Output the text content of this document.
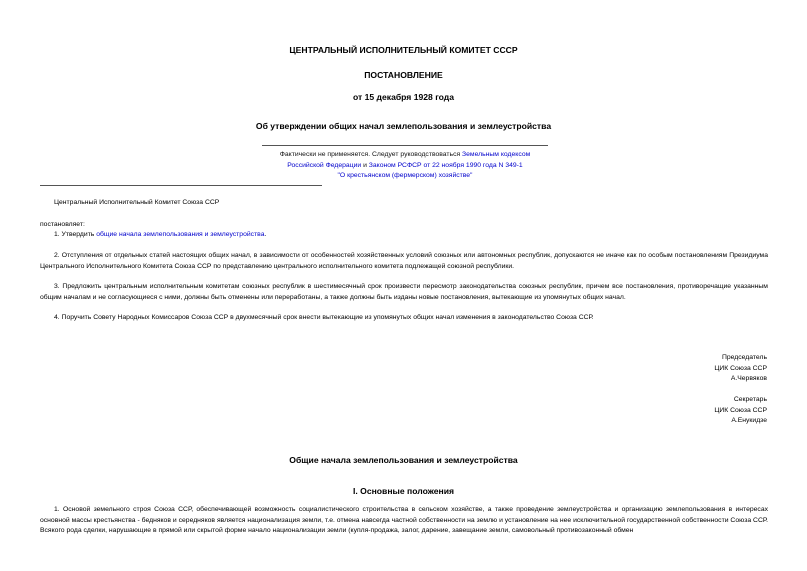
ЦЕНТРАЛЬНЫЙ ИСПОЛНИТЕЛЬНЫЙ КОМИТЕТ СССР
ПОСТАНОВЛЕНИЕ
от 15 декабря 1928 года
Об утверждении общих начал землепользования и землеустройства
Фактически не применяется. Следует руководствоваться Земельным кодексом
Российской Федерации и Законом РСФСР от 22 ноября 1990 года N 349-1
"О крестьянском (фермерском) хозяйстве"
Центральный Исполнительный Комитет Союза ССР
постановляет:
1. Утвердить общие начала землепользования и землеустройства.
2. Отступления от отдельных статей настоящих общих начал, в зависимости от особенностей хозяйственных условий союзных или автономных республик, допускаются не иначе как по особым постановлениям Президиума Центрального Исполнительного Комитета Союза ССР по представлению центрального исполнительного комитета подлежащей союзной республики.
3. Предложить центральным исполнительным комитетам союзных республик в шестимесячный срок произвести пересмотр законодательства союзных республик, причем все постановления, противоречащие указанным общим началам и не согласующиеся с ними, должны быть отменены или переработаны, а также должны быть изданы новые постановления, вытекающие из упомянутых общих начал.
4. Поручить Совету Народных Комиссаров Союза ССР в двухмесячный срок внести вытекающие из упомянутых общих начал изменения в законодательство Союза ССР.
Председатель
ЦИК Союза ССР
А.Червяков
Секретарь
ЦИК Союза ССР
А.Енукидзе
Общие начала землепользования и землеустройства
I. Основные положения
1. Основой земельного строя Союза ССР, обеспечивающей возможность социалистического строительства в сельском хозяйстве, а также проведение землеустройства и организацию землепользования в интересах основной массы крестьянства - бедняков и середняков является национализация земли, т.е. отмена навсегда частной собственности на землю и установление на нее исключительной государственной собственности Союза ССР. Всякого рода сделки, нарушающие в прямой или скрытой форме начало национализации земли (купля-продажа, залог, дарение, завещание земли, самовольный противозаконный обмен
